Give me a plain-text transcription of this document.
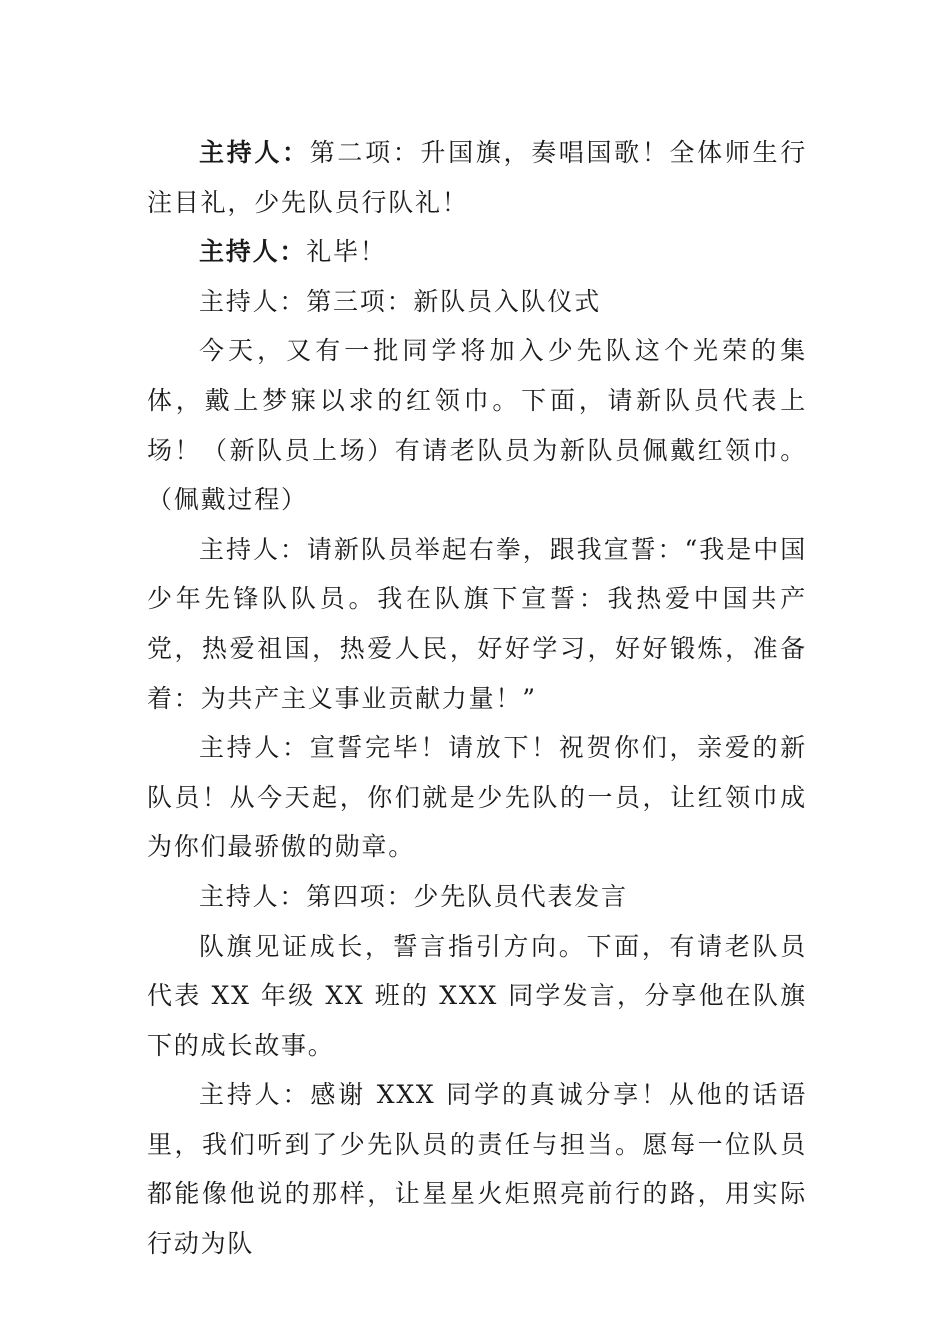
主持人：第二项：升国旗，奏唱国歌！全体师生行注目礼，少先队员行队礼！

主持人：礼毕！

主持人：第三项：新队员入队仪式

今天，又有一批同学将加入少先队这个光荣的集体，戴上梦寐以求的红领巾。下面，请新队员代表上场！（新队员上场）有请老队员为新队员佩戴红领巾。（佩戴过程）

主持人：请新队员举起右拳，跟我宣誓：“我是中国少年先锋队队员。我在队旗下宣誓：我热爱中国共产党，热爱祖国，热爱人民，好好学习，好好锻炼，准备着：为共产主义事业贡献力量！”

主持人：宣誓完毕！请放下！祝贺你们，亲爱的新队员！从今天起，你们就是少先队的一员，让红领巾成为你们最骄傲的勋章。

主持人：第四项：少先队员代表发言

队旗见证成长，誓言指引方向。下面，有请老队员代表 XX 年级 XX 班的 XXX 同学发言，分享他在队旗下的成长故事。

主持人：感谢 XXX 同学的真诚分享！从他的话语里，我们听到了少先队员的责任与担当。愿每一位队员都能像他说的那样，让星星火炬照亮前行的路，用实际行动为队
